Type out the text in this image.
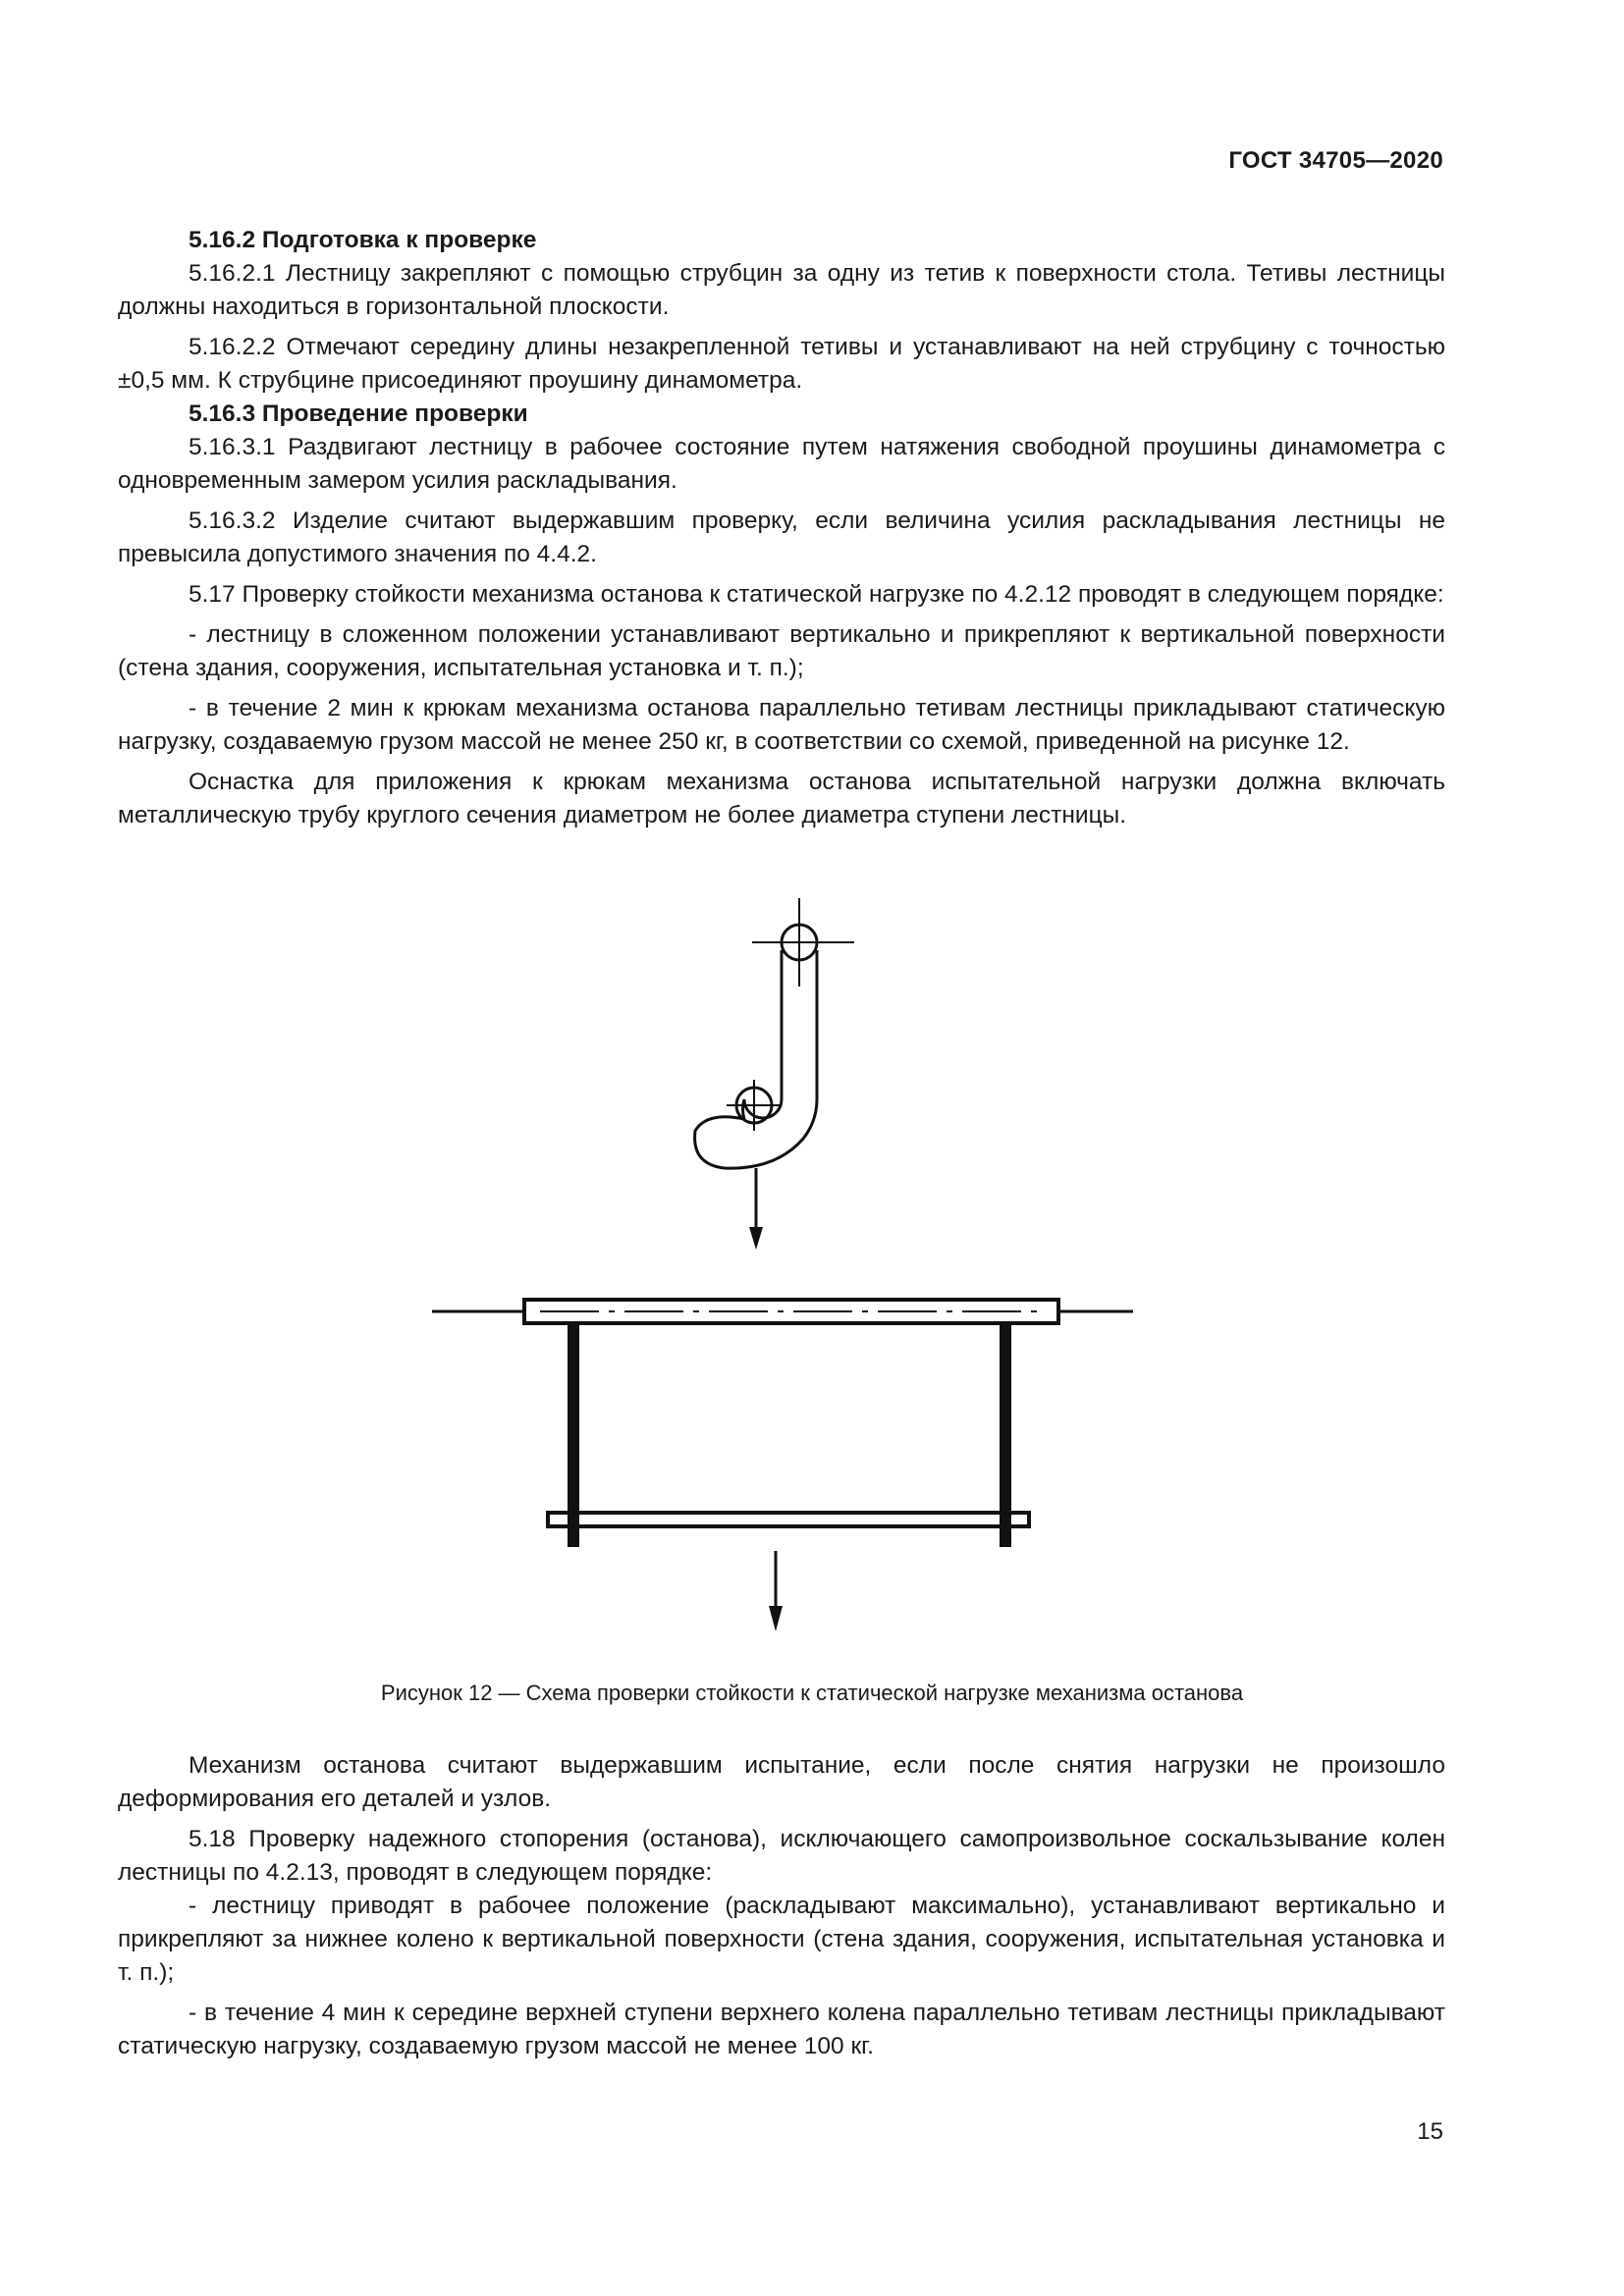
ГОСТ 34705—2020

5.16.2 Подготовка к проверке

5.16.2.1 Лестницу закрепляют с помощью струбцин за одну из тетив к поверхности стола. Тетивы лестницы должны находиться в горизонтальной плоскости.

5.16.2.2 Отмечают середину длины незакрепленной тетивы и устанавливают на ней струбцину с точностью ±0,5 мм. К струбцине присоединяют проушину динамометра.

5.16.3 Проведение проверки

5.16.3.1 Раздвигают лестницу в рабочее состояние путем натяжения свободной проушины динамометра с одновременным замером усилия раскладывания.

5.16.3.2 Изделие считают выдержавшим проверку, если величина усилия раскладывания лестницы не превысила допустимого значения по 4.4.2.

5.17 Проверку стойкости механизма останова к статической нагрузке по 4.2.12 проводят в следующем порядке:

- лестницу в сложенном положении устанавливают вертикально и прикрепляют к вертикальной поверхности (стена здания, сооружения, испытательная установка и т. п.);

- в течение 2 мин к крюкам механизма останова параллельно тетивам лестницы прикладывают статическую нагрузку, создаваемую грузом массой не менее 250 кг, в соответствии со схемой, приведенной на рисунке 12.

Оснастка для приложения к крюкам механизма останова испытательной нагрузки должна включать металлическую трубу круглого сечения диаметром не более диаметра ступени лестницы.

Рисунок 12 — Схема проверки стойкости к статической нагрузке механизма останова

Механизм останова считают выдержавшим испытание, если после снятия нагрузки не произошло деформирования его деталей и узлов.

5.18 Проверку надежного стопорения (останова), исключающего самопроизвольное соскальзывание колен лестницы по 4.2.13, проводят в следующем порядке:

- лестницу приводят в рабочее положение (раскладывают максимально), устанавливают вертикально и прикрепляют за нижнее колено к вертикальной поверхности (стена здания, сооружения, испытательная установка и т. п.);

- в течение 4 мин к середине верхней ступени верхнего колена параллельно тетивам лестницы прикладывают статическую нагрузку, создаваемую грузом массой не менее 100 кг.

15
